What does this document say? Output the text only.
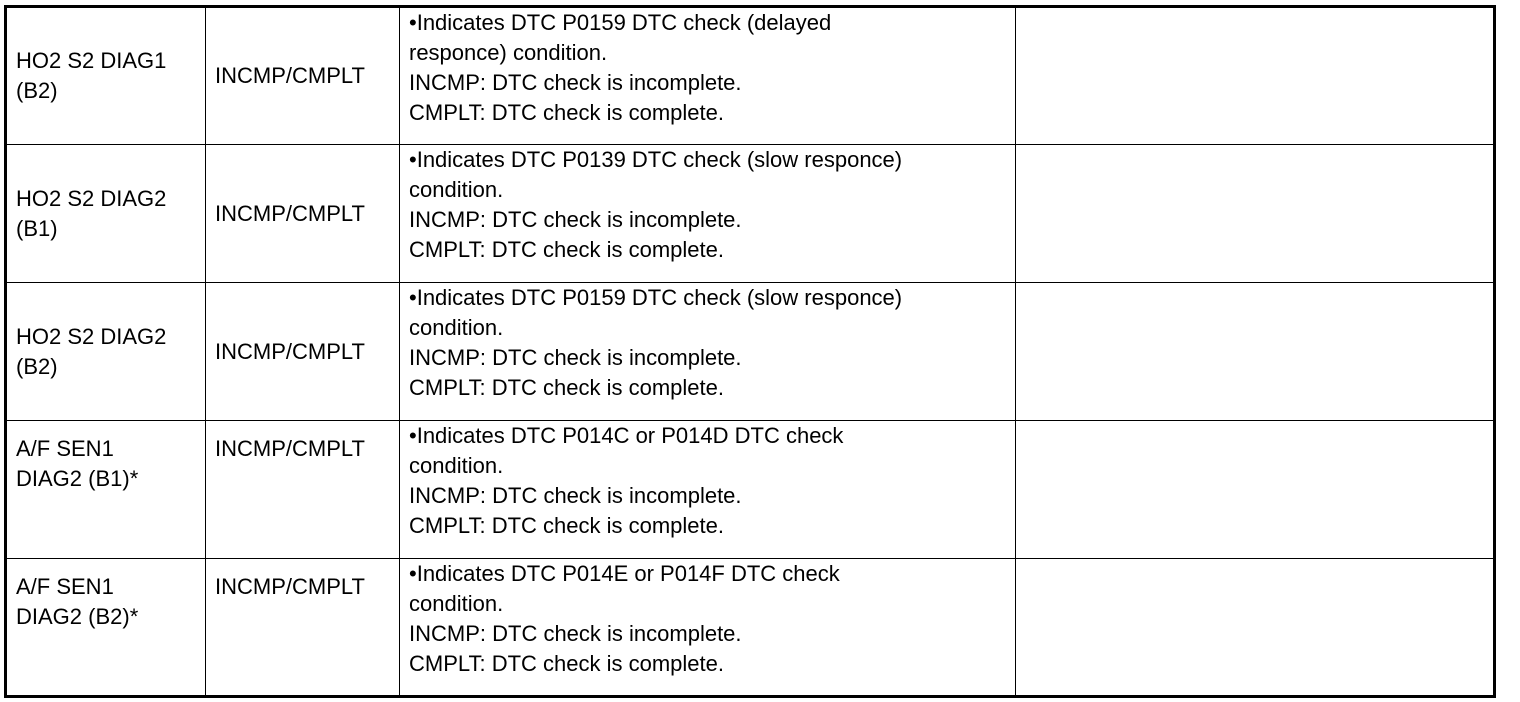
HO2 S2 DIAG1
(B2)	INCMP/CMPLT	•Indicates DTC P0159 DTC check (delayed
responce) condition.
INCMP: DTC check is incomplete.
CMPLT: DTC check is complete.	

HO2 S2 DIAG2
(B1)	INCMP/CMPLT	•Indicates DTC P0139 DTC check (slow responce)
condition.
INCMP: DTC check is incomplete.
CMPLT: DTC check is complete.	

HO2 S2 DIAG2
(B2)	INCMP/CMPLT	•Indicates DTC P0159 DTC check (slow responce)
condition.
INCMP: DTC check is incomplete.
CMPLT: DTC check is complete.	

A/F SEN1
DIAG2 (B1)*	INCMP/CMPLT	•Indicates DTC P014C or P014D DTC check
condition.
INCMP: DTC check is incomplete.
CMPLT: DTC check is complete.	

A/F SEN1
DIAG2 (B2)*	INCMP/CMPLT	•Indicates DTC P014E or P014F DTC check
condition.
INCMP: DTC check is incomplete.
CMPLT: DTC check is complete.	
